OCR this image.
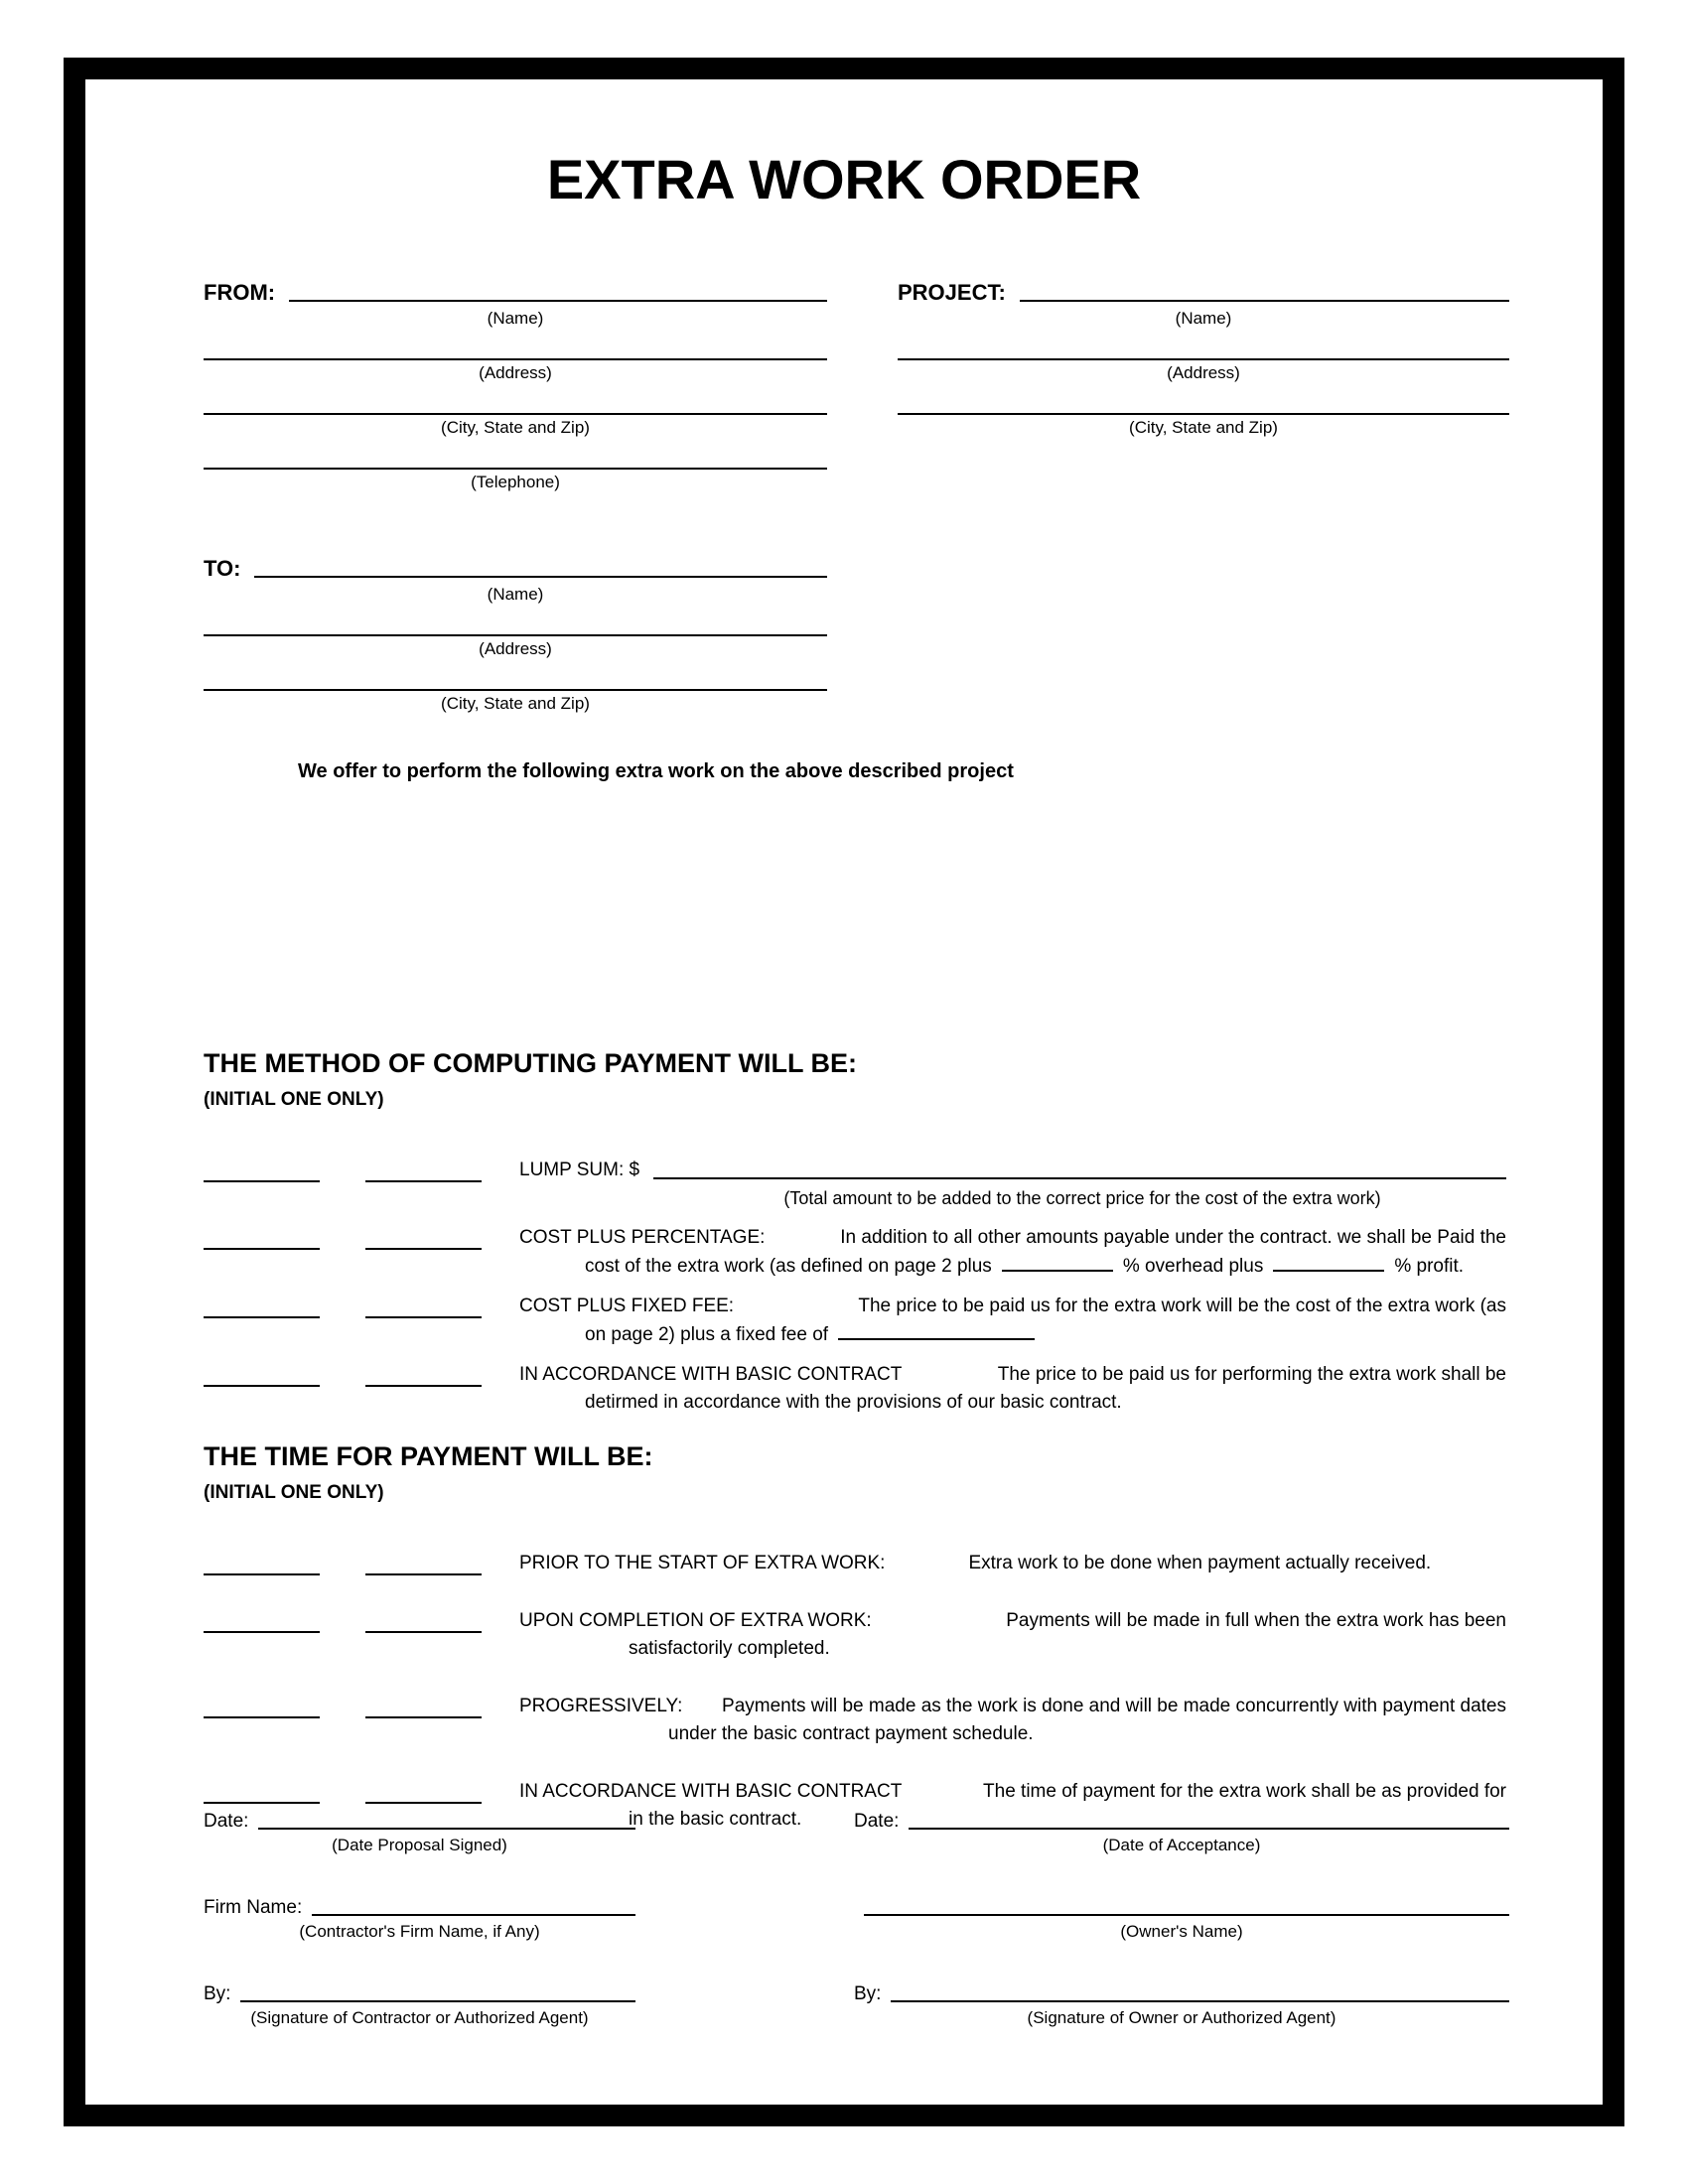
EXTRA WORK ORDER
FROM:
(Name)
(Address)
(City, State and Zip)
(Telephone)
TO:
(Name)
(Address)
(City, State and Zip)
PROJECT:
(Name)
(Address)
(City, State and Zip)

We offer to perform the following extra work on the above described project

THE METHOD OF COMPUTING PAYMENT WILL BE:
(INITIAL ONE ONLY)
LUMP SUM: $
(Total amount to be added to the correct price for the cost of the extra work)
COST PLUS PERCENTAGE:	In addition to all other amounts payable under the contract. we shall be Paid the
cost of the extra work (as defined on page 2 plus	% overhead plus	% profit.
COST PLUS FIXED FEE:	The price to be paid us for the extra work will be the cost of the extra work (as
on page 2) plus a fixed fee of
IN ACCORDANCE WITH BASIC CONTRACT	The price to be paid us for performing the extra work shall be
detirmed in accordance with the provisions of our basic contract.
THE TIME FOR PAYMENT WILL BE:
(INITIAL ONE ONLY)
PRIOR TO THE START OF EXTRA WORK:	Extra work to be done when payment actually received.
UPON COMPLETION OF EXTRA WORK:	Payments will be made in full when the extra work has been
satisfactorily completed.
PROGRESSIVELY: Payments will be made as the work is done and will be made concurrently with payment dates
under the basic contract payment schedule.
IN ACCORDANCE WITH BASIC CONTRACT	The time of payment for the extra work shall be as provided for
in the basic contract.
Date:
(Date Proposal Signed)
Firm Name:
(Contractor's Firm Name, if Any)
By:
(Signature of Contractor or Authorized Agent)
Date:
(Date of Acceptance)
(Owner's Name)
By:
(Signature of Owner or Authorized Agent)
